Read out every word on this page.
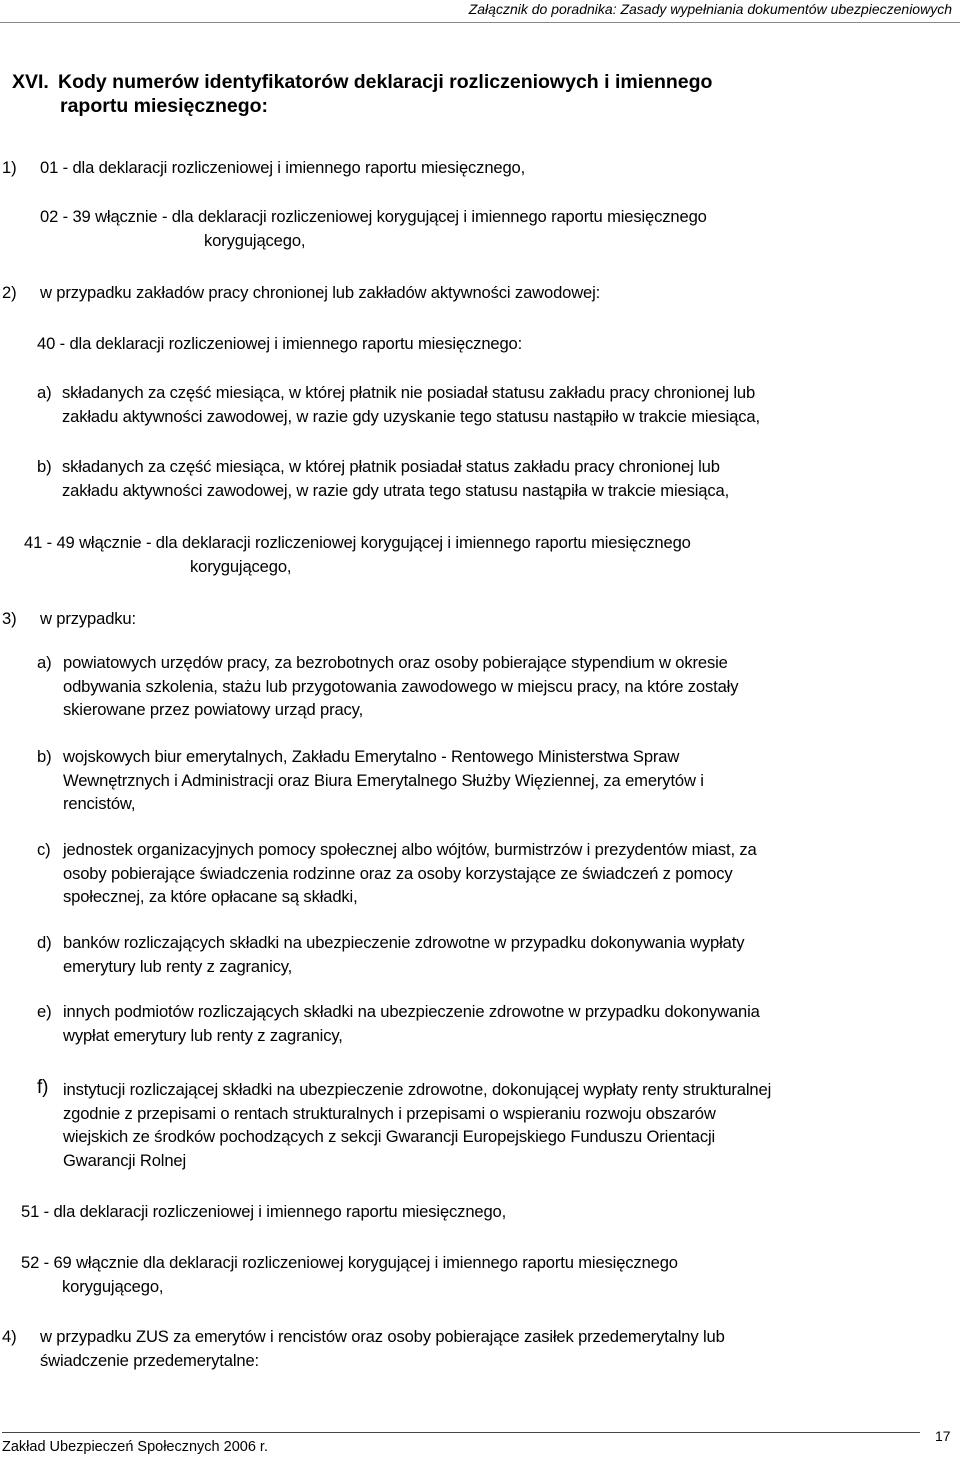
Załącznik do poradnika: Zasady wypełniania dokumentów ubezpieczeniowych
XVI. Kody numerów identyfikatorów deklaracji rozliczeniowych i imiennego
raportu miesięcznego:
1) 01 - dla deklaracji rozliczeniowej i imiennego raportu miesięcznego,
02 - 39 włącznie - dla deklaracji rozliczeniowej korygującej i imiennego raportu miesięcznego
korygującego,
2) w przypadku zakładów pracy chronionej lub zakładów aktywności zawodowej:
40 - dla deklaracji rozliczeniowej i imiennego raportu miesięcznego:
a) składanych za część miesiąca, w której płatnik nie posiadał statusu zakładu pracy chronionej lub
zakładu aktywności zawodowej, w razie gdy uzyskanie tego statusu nastąpiło w trakcie miesiąca,
b) składanych za część miesiąca, w której płatnik posiadał status zakładu pracy chronionej lub
zakładu aktywności zawodowej, w razie gdy utrata tego statusu nastąpiła w trakcie miesiąca,
41 - 49 włącznie - dla deklaracji rozliczeniowej korygującej i imiennego raportu miesięcznego
korygującego,
3) w przypadku:
a) powiatowych urzędów pracy, za bezrobotnych oraz osoby pobierające stypendium w okresie
odbywania szkolenia, stażu lub przygotowania zawodowego w miejscu pracy, na które zostały
skierowane przez powiatowy urząd pracy,
b) wojskowych biur emerytalnych, Zakładu Emerytalno - Rentowego Ministerstwa Spraw
Wewnętrznych i Administracji oraz Biura Emerytalnego Służby Więziennej, za emerytów i
rencistów,
c) jednostek organizacyjnych pomocy społecznej albo wójtów, burmistrzów i prezydentów miast, za
osoby pobierające świadczenia rodzinne oraz za osoby korzystające ze świadczeń z pomocy
społecznej, za które opłacane są składki,
d) banków rozliczających składki na ubezpieczenie zdrowotne w przypadku dokonywania wypłaty
emerytury lub renty z zagranicy,
e) innych podmiotów rozliczających składki na ubezpieczenie zdrowotne w przypadku dokonywania
wypłat emerytury lub renty z zagranicy,
f) instytucji rozliczającej składki na ubezpieczenie zdrowotne, dokonującej wypłaty renty strukturalnej
zgodnie z przepisami o rentach strukturalnych i przepisami o wspieraniu rozwoju obszarów
wiejskich ze środków pochodzących z sekcji Gwarancji Europejskiego Funduszu Orientacji
Gwarancji Rolnej
51 - dla deklaracji rozliczeniowej i imiennego raportu miesięcznego,
52 - 69 włącznie dla deklaracji rozliczeniowej korygującej i imiennego raportu miesięcznego
korygującego,
4) w przypadku ZUS za emerytów i rencistów oraz osoby pobierające zasiłek przedemerytalny lub
świadczenie przedemerytalne:
Zakład Ubezpieczeń Społecznych 2006 r.
17
